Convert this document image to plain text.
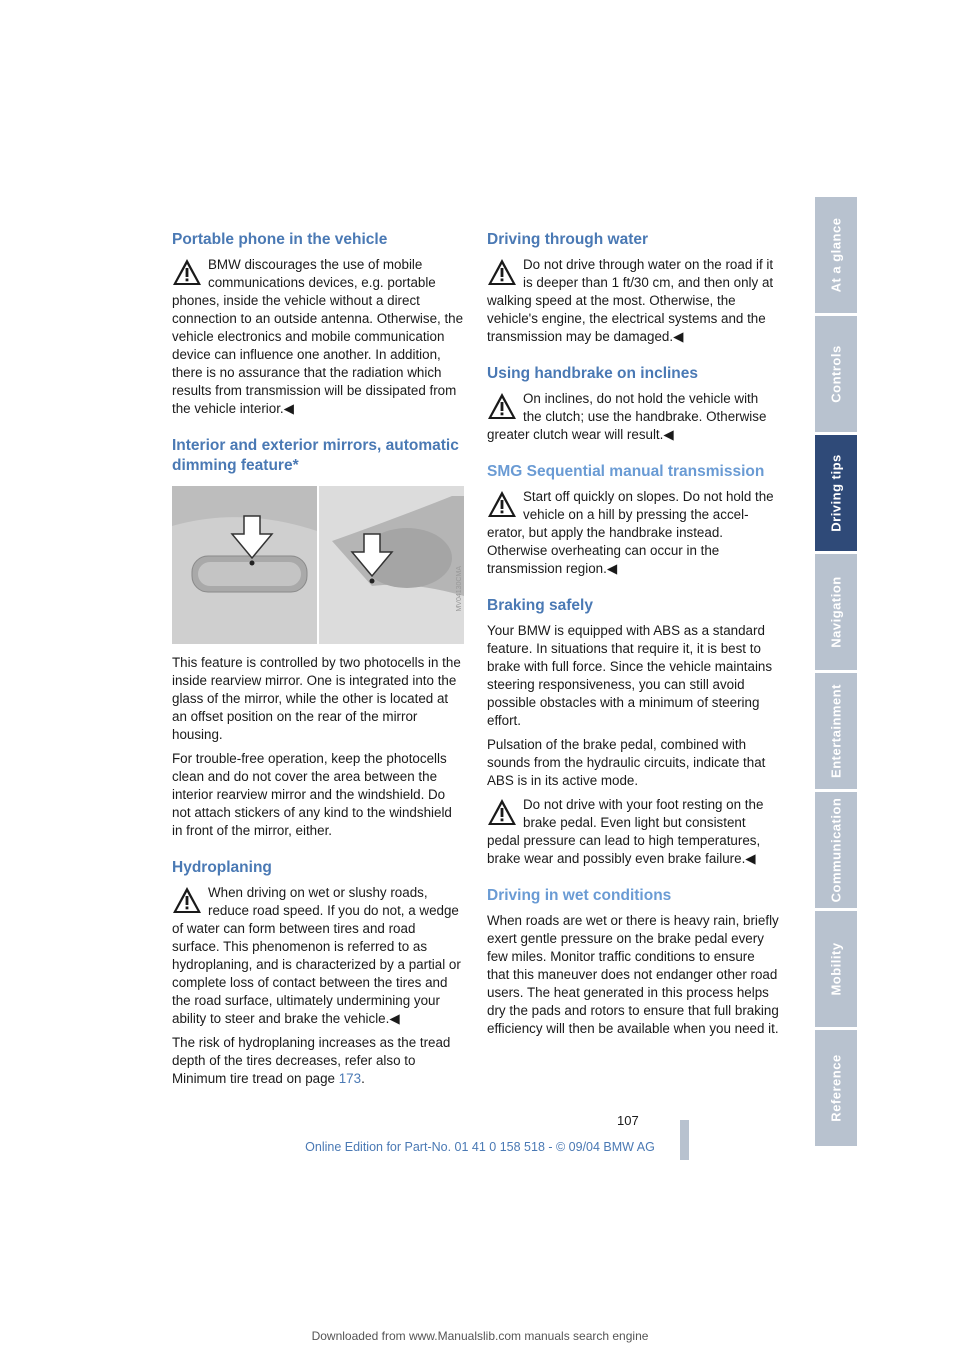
Portable phone in the vehicle

BMW discourages the use of mobile communications devices, e.g. portable phones, inside the vehicle without a direct connection to an outside antenna. Otherwise, the vehicle electronics and mobile communication device can influence one another. In addition, there is no assurance that the radiation which results from transmission will be dissipated from the vehicle interior.◀

Interior and exterior mirrors, automatic dimming feature*
MV04130CMA

This feature is controlled by two photocells in the inside rearview mirror. One is integrated into the glass of the mirror, while the other is located at an offset position on the rear of the mirror housing.

For trouble-free operation, keep the photocells clean and do not cover the area between the interior rearview mirror and the windshield. Do not attach stickers of any kind to the windshield in front of the mirror, either.

Hydroplaning

When driving on wet or slushy roads, reduce road speed. If you do not, a wedge of water can form between tires and road surface. This phenomenon is referred to as hydroplaning, and is characterized by a partial or complete loss of contact between the tires and the road surface, ultimately undermining your ability to steer and brake the vehicle.◀

The risk of hydroplaning increases as the tread depth of the tires decreases, refer also to Minimum tire tread on page 173.

Driving through water

Do not drive through water on the road if it is deeper than 1 ft/30 cm, and then only at walking speed at the most. Otherwise, the vehicle's engine, the electrical systems and the transmission may be damaged.◀

Using handbrake on inclines

On inclines, do not hold the vehicle with the clutch; use the handbrake. Otherwise greater clutch wear will result.◀

SMG Sequential manual transmission

Start off quickly on slopes. Do not hold the vehicle on a hill by pressing the accel- erator, but apply the handbrake instead. Otherwise overheating can occur in the transmission region.◀

Braking safely

Your BMW is equipped with ABS as a standard feature. In situations that require it, it is best to brake with full force. Since the vehicle maintains steering responsiveness, you can still avoid possible obstacles with a minimum of steering effort.

Pulsation of the brake pedal, combined with sounds from the hydraulic circuits, indicate that ABS is in its active mode.

Do not drive with your foot resting on the brake pedal. Even light but consistent pedal pressure can lead to high temperatures, brake wear and possibly even brake failure.◀

Driving in wet conditions

When roads are wet or there is heavy rain, briefly exert gentle pressure on the brake pedal every few miles. Monitor traffic conditions to ensure that this maneuver does not endanger other road users. The heat generated in this process helps dry the pads and rotors to ensure that full braking efficiency will then be available when you need it.

At a glance
Controls
Driving tips
Navigation
Entertainment
Communication
Mobility
Reference
107
Online Edition for Part-No. 01 41 0 158 518 - © 09/04 BMW AG
Downloaded from www.Manualslib.com manuals search engine
